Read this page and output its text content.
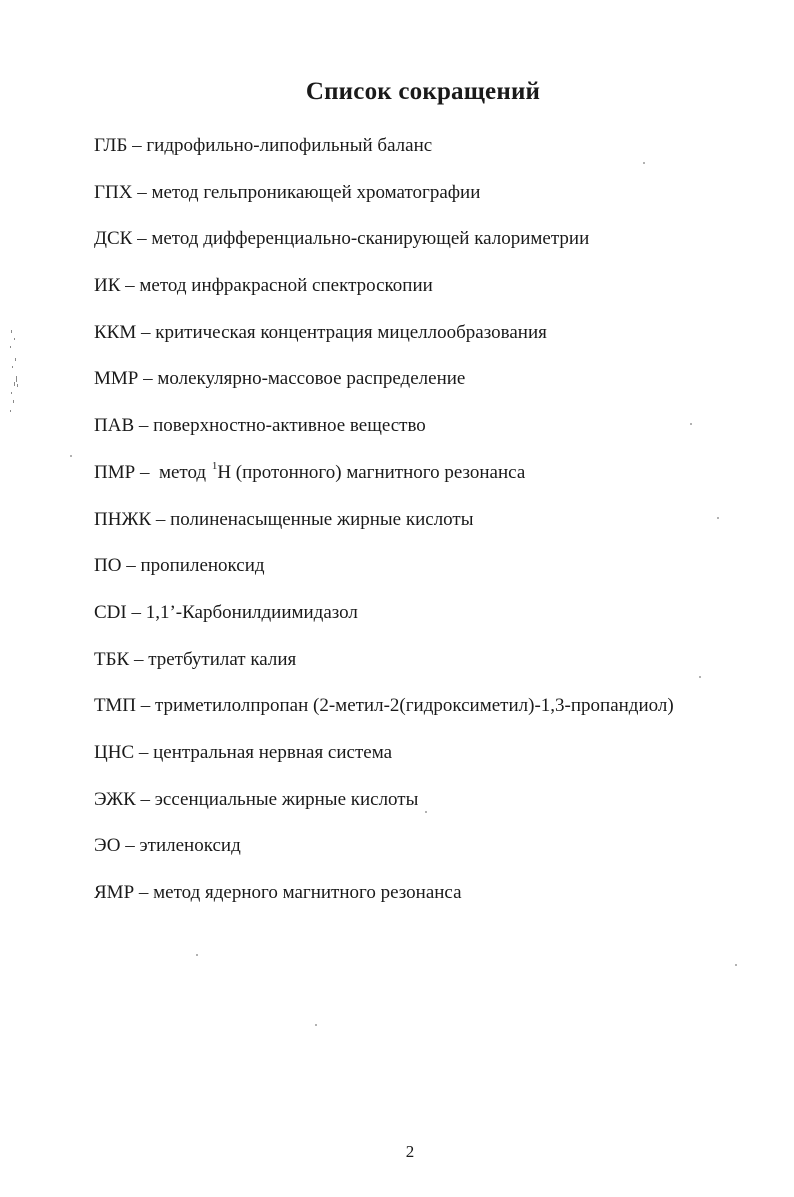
Список сокращений
ГЛБ – гидрофильно-липофильный баланс
ГПХ – метод гельпроникающей хроматографии
ДСК – метод дифференциально-сканирующей калориметрии
ИК – метод инфракрасной спектроскопии
ККМ – критическая концентрация мицеллообразования
ММР – молекулярно-массовое распределение
ПАВ – поверхностно-активное вещество
ПМР –  метод $^1$Н (протонного) магнитного резонанса
ПНЖК – полиненасыщенные жирные кислоты
ПО – пропиленоксид
CDI – 1,1’-Карбонилдиимидазол
ТБК – третбутилат калия
ТМП – триметилолпропан (2-метил-2(гидроксиметил)-1,3-пропандиол)
ЦНС – центральная нервная система
ЭЖК – эссенциальные жирные кислоты
ЭО – этиленоксид
ЯМР – метод ядерного магнитного резонанса
2
